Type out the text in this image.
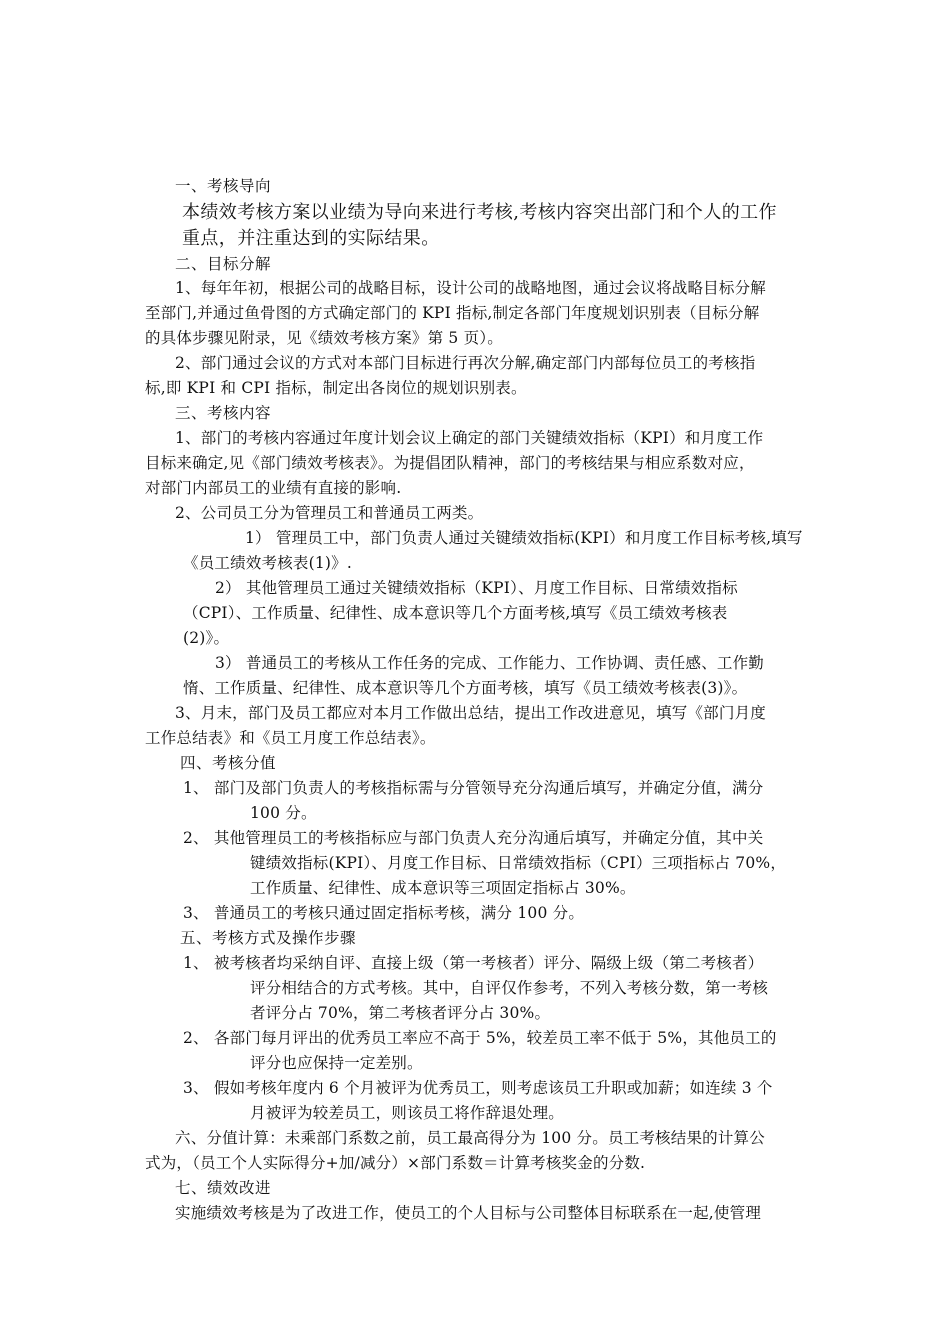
一、考核导向

本绩效考核方案以业绩为导向来进行考核,考核内容突出部门和个人的工作

重点，并注重达到的实际结果。

二、目标分解

1、每年年初，根据公司的战略目标，设计公司的战略地图，通过会议将战略目标分解

至部门,并通过鱼骨图的方式确定部门的 KPI 指标,制定各部门年度规划识别表（目标分解

的具体步骤见附录，见《绩效考核方案》第 5 页）。

2、部门通过会议的方式对本部门目标进行再次分解,确定部门内部每位员工的考核指

标,即 KPI 和 CPI 指标，制定出各岗位的规划识别表。

三、考核内容

1、部门的考核内容通过年度计划会议上确定的部门关键绩效指标（KPI）和月度工作

目标来确定,见《部门绩效考核表》。为提倡团队精神，部门的考核结果与相应系数对应，

对部门内部员工的业绩有直接的影响.

2、公司员工分为管理员工和普通员工两类。

1） 管理员工中，部门负责人通过关键绩效指标(KPI）和月度工作目标考核,填写

《员工绩效考核表(1)》.

2） 其他管理员工通过关键绩效指标（KPI）、月度工作目标、日常绩效指标

（CPI）、工作质量、纪律性、成本意识等几个方面考核,填写《员工绩效考核表

(2)》。

3） 普通员工的考核从工作任务的完成、工作能力、工作协调、责任感、工作勤

惰、工作质量、纪律性、成本意识等几个方面考核，填写《员工绩效考核表(3)》。

3、月末，部门及员工都应对本月工作做出总结，提出工作改进意见，填写《部门月度

工作总结表》和《员工月度工作总结表》。

四、考核分值

1、 部门及部门负责人的考核指标需与分管领导充分沟通后填写，并确定分值，满分

100 分。

2、 其他管理员工的考核指标应与部门负责人充分沟通后填写，并确定分值，其中关

键绩效指标(KPI）、月度工作目标、日常绩效指标（CPI）三项指标占 70%，

工作质量、纪律性、成本意识等三项固定指标占 30%。

3、 普通员工的考核只通过固定指标考核，满分 100 分。

五、考核方式及操作步骤

1、 被考核者均采纳自评、直接上级（第一考核者）评分、隔级上级（第二考核者）

评分相结合的方式考核。其中，自评仅作参考，不列入考核分数，第一考核

者评分占 70%，第二考核者评分占 30%。

2、 各部门每月评出的优秀员工率应不高于 5%，较差员工率不低于 5%，其他员工的

评分也应保持一定差别。

3、 假如考核年度内 6 个月被评为优秀员工，则考虑该员工升职或加薪；如连续 3 个

月被评为较差员工，则该员工将作辞退处理。

六、分值计算：未乘部门系数之前，员工最高得分为 100 分。员工考核结果的计算公

式为，（员工个人实际得分+加/减分）×部门系数＝计算考核奖金的分数.

七、绩效改进

实施绩效考核是为了改进工作，使员工的个人目标与公司整体目标联系在一起,使管理
